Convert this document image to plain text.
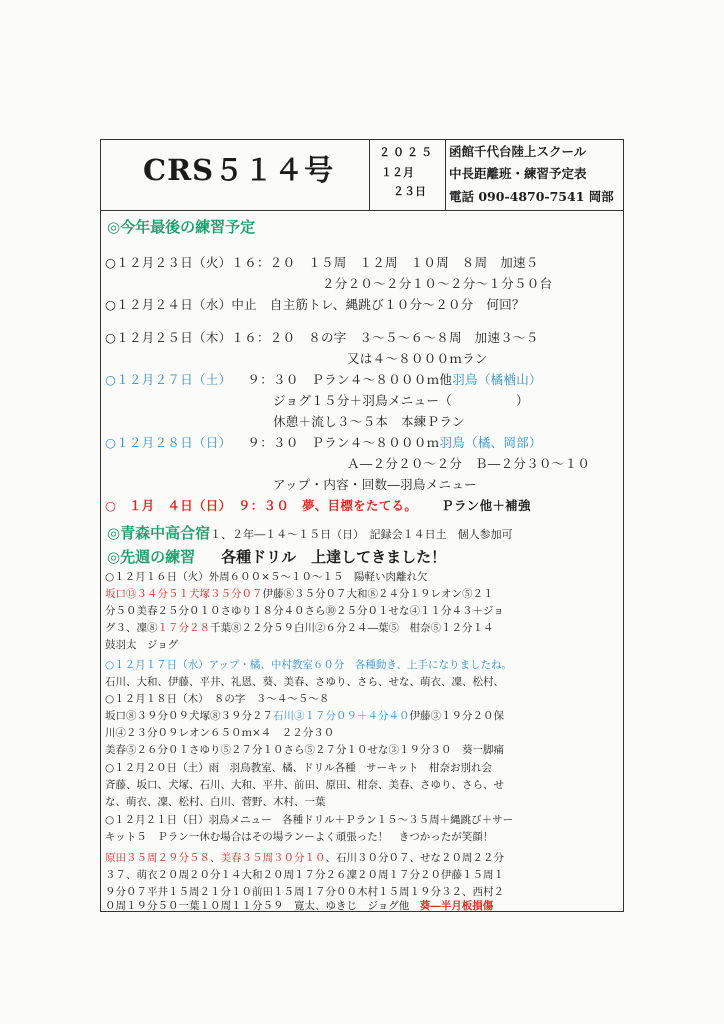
CRS５１４号
２０２５
１２月
２３日
函館千代台陸上スクール
中長距離班・練習予定表
電話 090-4870-7541 岡部
◎今年最後の練習予定
○１２月２３日（火）１６：２０　１５周　１２周　１０周　８周　加速５
２分２０～２分１０～２分～１分５０台
○１２月２４日（水）中止　自主筋トレ、縄跳び１０分～２０分　何回？
○１２月２５日（木）１６：２０　８の字　３～５～６～８周　加速３～５
又は４～８０００ｍラン
○１２月２７日（土） ９：３０　Ｐラン４～８０００ｍ他羽鳥（橘楢山）
ジョグ１５分＋羽鳥メニュー（　　　　　）
休憩＋流し３～５本　本練Ｐラン
○１２月２８日（日） ９：３０　Ｐラン４～８０００ｍ羽鳥（橘、岡部）
Ａ―２分２０～２分　Ｂ―２分３０～１０
アップ・内容・回数―羽鳥メニュー
○　１月　４日（日）　９：３０　夢、目標をたてる。 Ｐラン他＋補強
◎青森中高合宿１、２年―１４～１５日（日）　記録会１４日土　個人参加可
◎先週の練習 各種ドリル　上達してきました！
○１２月１６日（火）外周６００×５～１０～１５　陽軽い肉離れ欠
坂口⑬３４分５１犬塚３５分０７伊藤⑧３５分０７大和⑧２４分１９レオン⑤２１
分５０美春２５分０１０さゆり１８分４０さら⑩２５分０１せな④１１分４３＋ジョ
グ３、凜⑧１７分２８千葉⑧２２分５９白川②６分２４―葉⑤　柑奈⑤１２分１４
鼓羽太　ジョグ
○１２月１７日（水）アップ・橘、中村教室６０分　各種動き、上手になりましたね。
石川、大和、伊藤、平井、礼恩、葵、美春、さゆり、さら、せな、萌衣、凜、松村、
○１２月１８日（木）　８の字　３～４～５～８
坂口⑧３９分０９犬塚⑧３９分２７石川③１７分０９＋４分４０伊藤③１９分２０保
川④２３分０９レオン６５０ｍ×４　２２分３０
美春⑤２６分０１さゆり⑤２７分１０さら⑤２７分１０せな③１９分３０　葵一脚痛
○１２月２０日（土）雨　羽鳥教室、橘、ドリル各種　サーキット　柑奈お別れ会
斉藤、坂口、犬塚、石川、大和、平井、前田、原田、柑奈、美春、さゆり、さら、せ
な、萌衣、凜、松村、白川、菅野、木村、一葉
○１２月２１日（日）羽鳥メニュー　各種ドリル＋Ｐラン１５～３５周＋縄跳び＋サー
キット５　Ｐラン一休む場合はその場ランーよく頑張った！　きつかったが笑顔！
原田３５周２９分５８、美春３５周３０分１０、石川３０分０７、せな２０周２２分
３７、萌衣２０周２０分１４大和２０周１７分２６凜２０周１７分２０伊藤１５周１
９分０７平井１５周２１分１０前田１５周１７分００木村１５周１９分３２、西村２
０周１９分５０一葉１０周１１分５９　寛太、ゆきじ　ジョグ他　葵―半月板損傷
